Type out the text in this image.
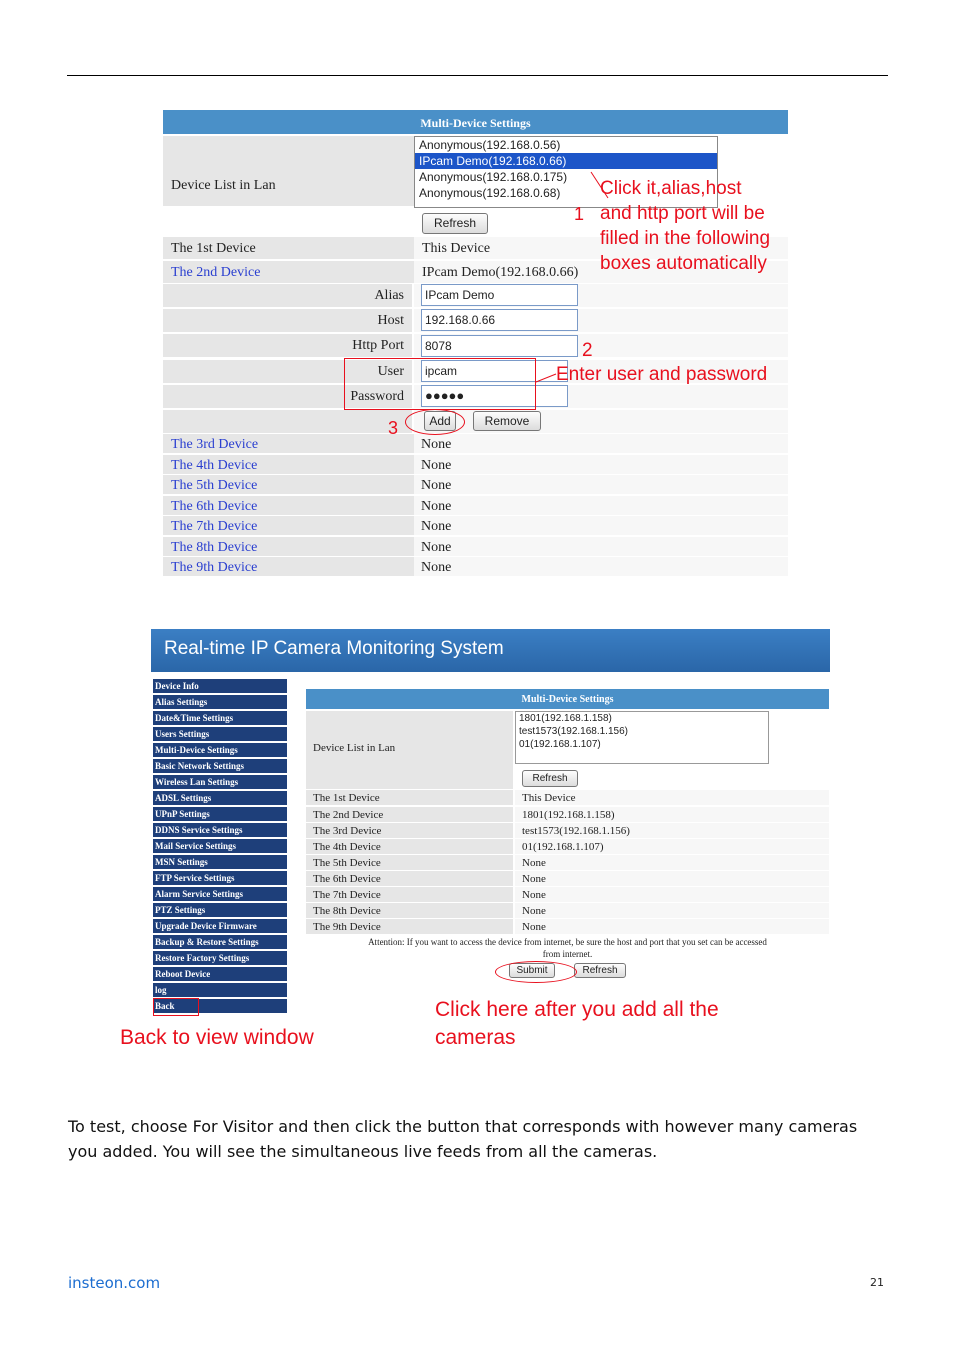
Multi-Device Settings
Device List in Lan
Anonymous(192.168.0.56)
IPcam Demo(192.168.0.66)
Anonymous(192.168.0.175)
Anonymous(192.168.0.68)
Refresh
The 1st Device	This Device
The 2nd Device	IPcam Demo(192.168.0.66)
Alias	IPcam Demo
Host	192.168.0.66
Http Port	8078
User	ipcam
Password	●●●●●
Add	Remove
The 3rd Device	None
The 4th Device	None
The 5th Device	None
The 6th Device	None
The 7th Device	None
The 8th Device	None
The 9th Device	None
1
Click it,alias,host
and http port will be
filled in the following
boxes automatically
2
Enter user and password
3
Real-time IP Camera Monitoring System
Device Info
Alias Settings
Date&Time Settings
Users Settings
Multi-Device Settings
Basic Network Settings
Wireless Lan Settings
ADSL Settings
UPnP Settings
DDNS Service Settings
Mail Service Settings
MSN Settings
FTP Service Settings
Alarm Service Settings
PTZ Settings
Upgrade Device Firmware
Backup & Restore Settings
Restore Factory Settings
Reboot Device
log
Back
Multi-Device Settings
Device List in Lan
1801(192.168.1.158)
test1573(192.168.1.156)
01(192.168.1.107)
Refresh
The 1st Device	This Device
The 2nd Device	1801(192.168.1.158)
The 3rd Device	test1573(192.168.1.156)
The 4th Device	01(192.168.1.107)
The 5th Device	None
The 6th Device	None
The 7th Device	None
The 8th Device	None
The 9th Device	None
Attention: If you want to access the device from internet, be sure the host and port that you set can be accessed
from internet.
Submit	Refresh
Back to view window
Click here after you add all the
cameras
To test, choose For Visitor and then click the button that corresponds with however many cameras you added. You will see the simultaneous live feeds from all the cameras.
insteon.com	21
